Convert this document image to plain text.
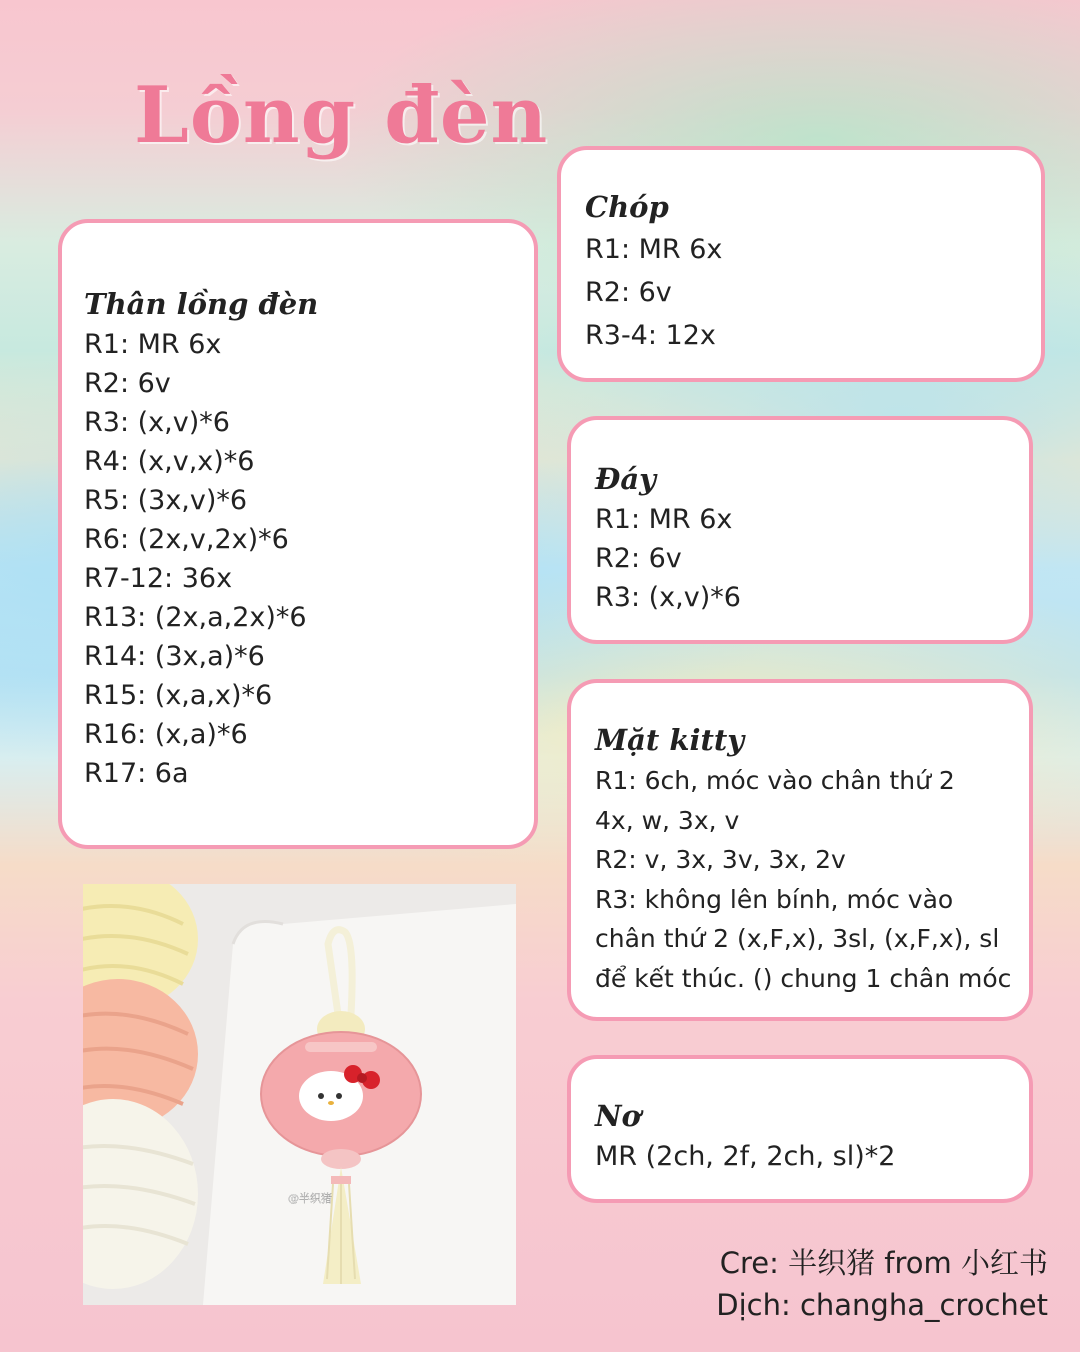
Lồng đèn
Thân lồng đèn
R1: MR 6x
R2: 6v
R3: (x,v)*6
R4: (x,v,x)*6
R5: (3x,v)*6
R6: (2x,v,2x)*6
R7-12: 36x
R13: (2x,a,2x)*6
R14: (3x,a)*6
R15: (x,a,x)*6
R16: (x,a)*6
R17: 6a
Chóp
R1: MR 6x
R2: 6v
R3-4: 12x
Đáy
R1: MR 6x
R2: 6v
R3: (x,v)*6
Mặt kitty
R1: 6ch, móc vào chân thứ 2
4x, w, 3x, v
R2: v, 3x, 3v, 3x, 2v
R3: không lên bính, móc vào
chân thứ 2 (x,F,x), 3sl, (x,F,x), sl
để kết thúc. () chung 1 chân móc
Nơ
MR (2ch, 2f, 2ch, sl)*2
@半织猪
Cre: 半织猪 from 小红书
Dịch: changha_crochet
